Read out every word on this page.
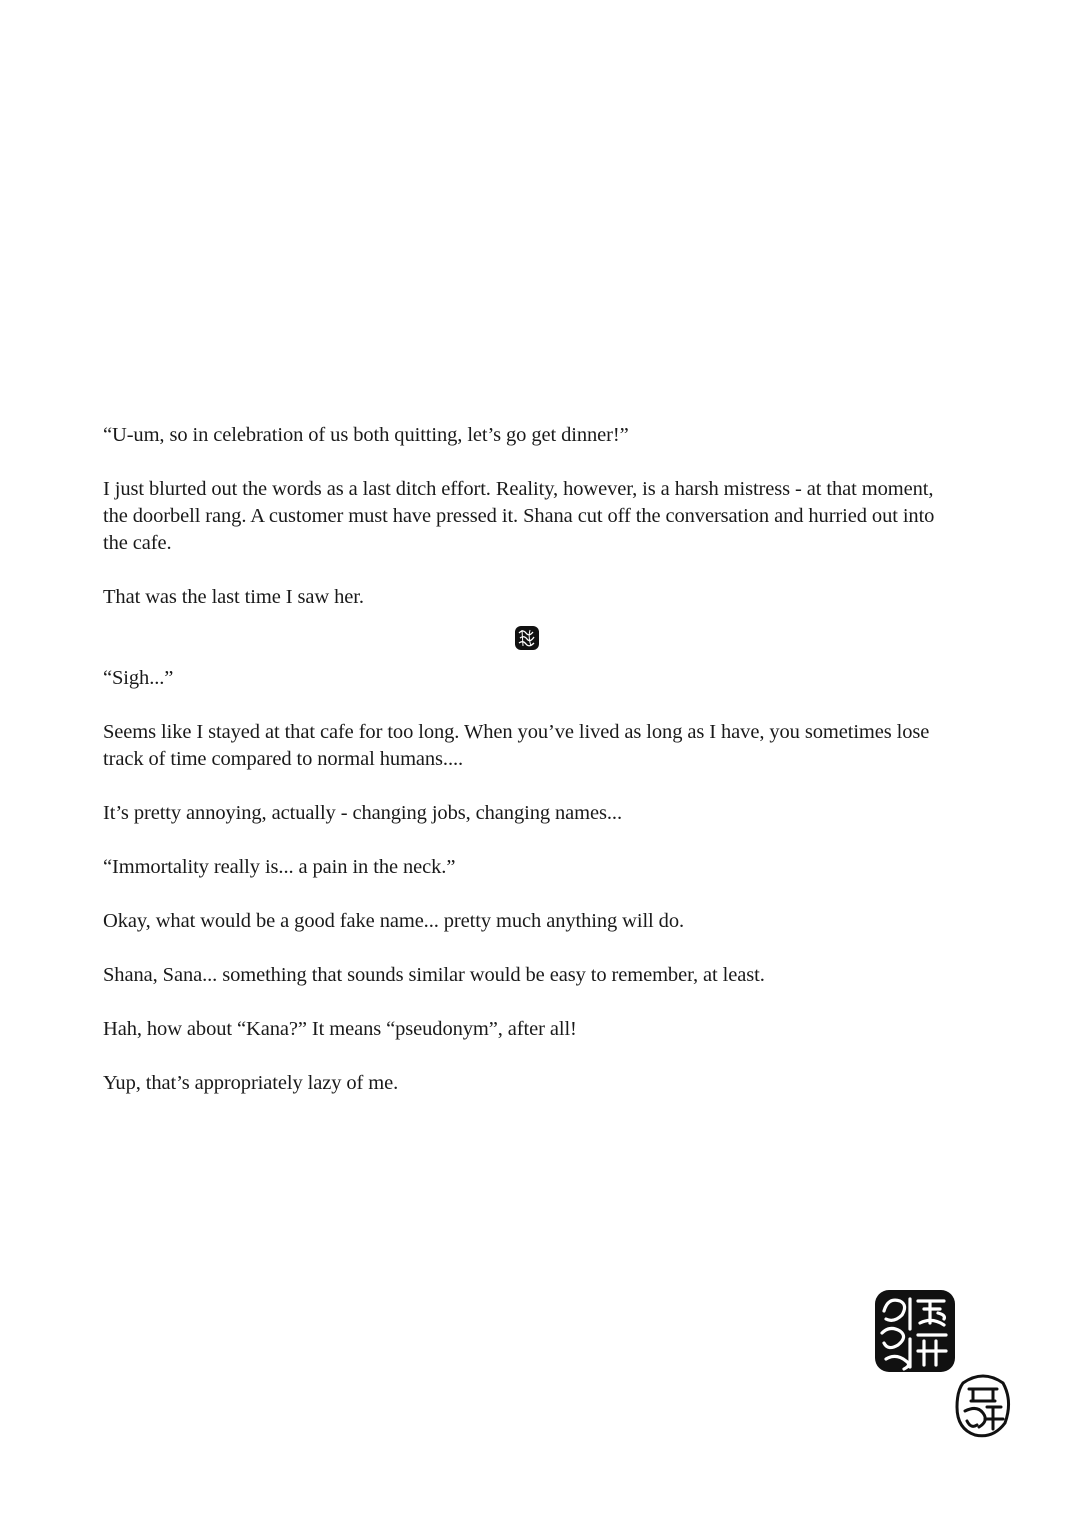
“U-um, so in celebration of us both quitting, let’s go get dinner!”

I just blurted out the words as a last ditch effort. Reality, however, is a harsh mistress - at that moment, the doorbell rang. A customer must have pressed it. Shana cut off the conversation and hurried out into the cafe.

That was the last time I saw her.

“Sigh...”

Seems like I stayed at that cafe for too long. When you’ve lived as long as I have, you sometimes lose track of time compared to normal humans....

It’s pretty annoying, actually - changing jobs, changing names...

“Immortality really is... a pain in the neck.”

Okay, what would be a good fake name... pretty much anything will do.

Shana, Sana... something that sounds similar would be easy to remember, at least.

Hah, how about “Kana?” It means “pseudonym”, after all!

Yup, that’s appropriately lazy of me.
